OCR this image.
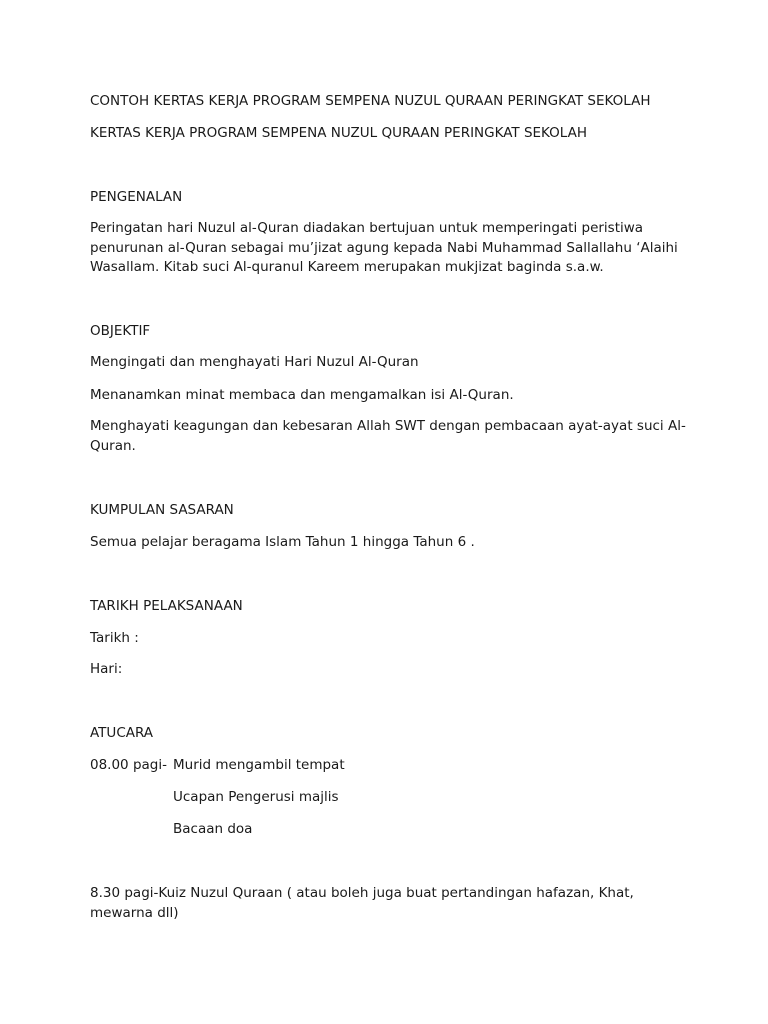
CONTOH KERTAS KERJA PROGRAM SEMPENA NUZUL QURAAN PERINGKAT SEKOLAH

KERTAS KERJA PROGRAM SEMPENA NUZUL QURAAN PERINGKAT SEKOLAH

PENGENALAN

Peringatan hari Nuzul al-Quran diadakan bertujuan untuk memperingati peristiwa penurunan al-Quran sebagai mu’jizat agung kepada Nabi Muhammad Sallallahu ‘Alaihi Wasallam. Kitab suci Al-quranul Kareem merupakan mukjizat baginda s.a.w.

OBJEKTIF

Mengingati dan menghayati Hari Nuzul Al-Quran

Menanamkan minat membaca dan mengamalkan isi Al-Quran.

Menghayati keagungan dan kebesaran Allah SWT dengan pembacaan ayat-ayat suci Al-Quran.

KUMPULAN SASARAN

Semua pelajar beragama Islam Tahun 1 hingga Tahun 6 .

TARIKH PELAKSANAAN

Tarikh :

Hari:

ATUCARA

08.00 pagi- Murid mengambil tempat

Ucapan Pengerusi majlis

Bacaan doa

8.30 pagi-Kuiz Nuzul Quraan ( atau boleh juga buat pertandingan hafazan, Khat, mewarna dll)
